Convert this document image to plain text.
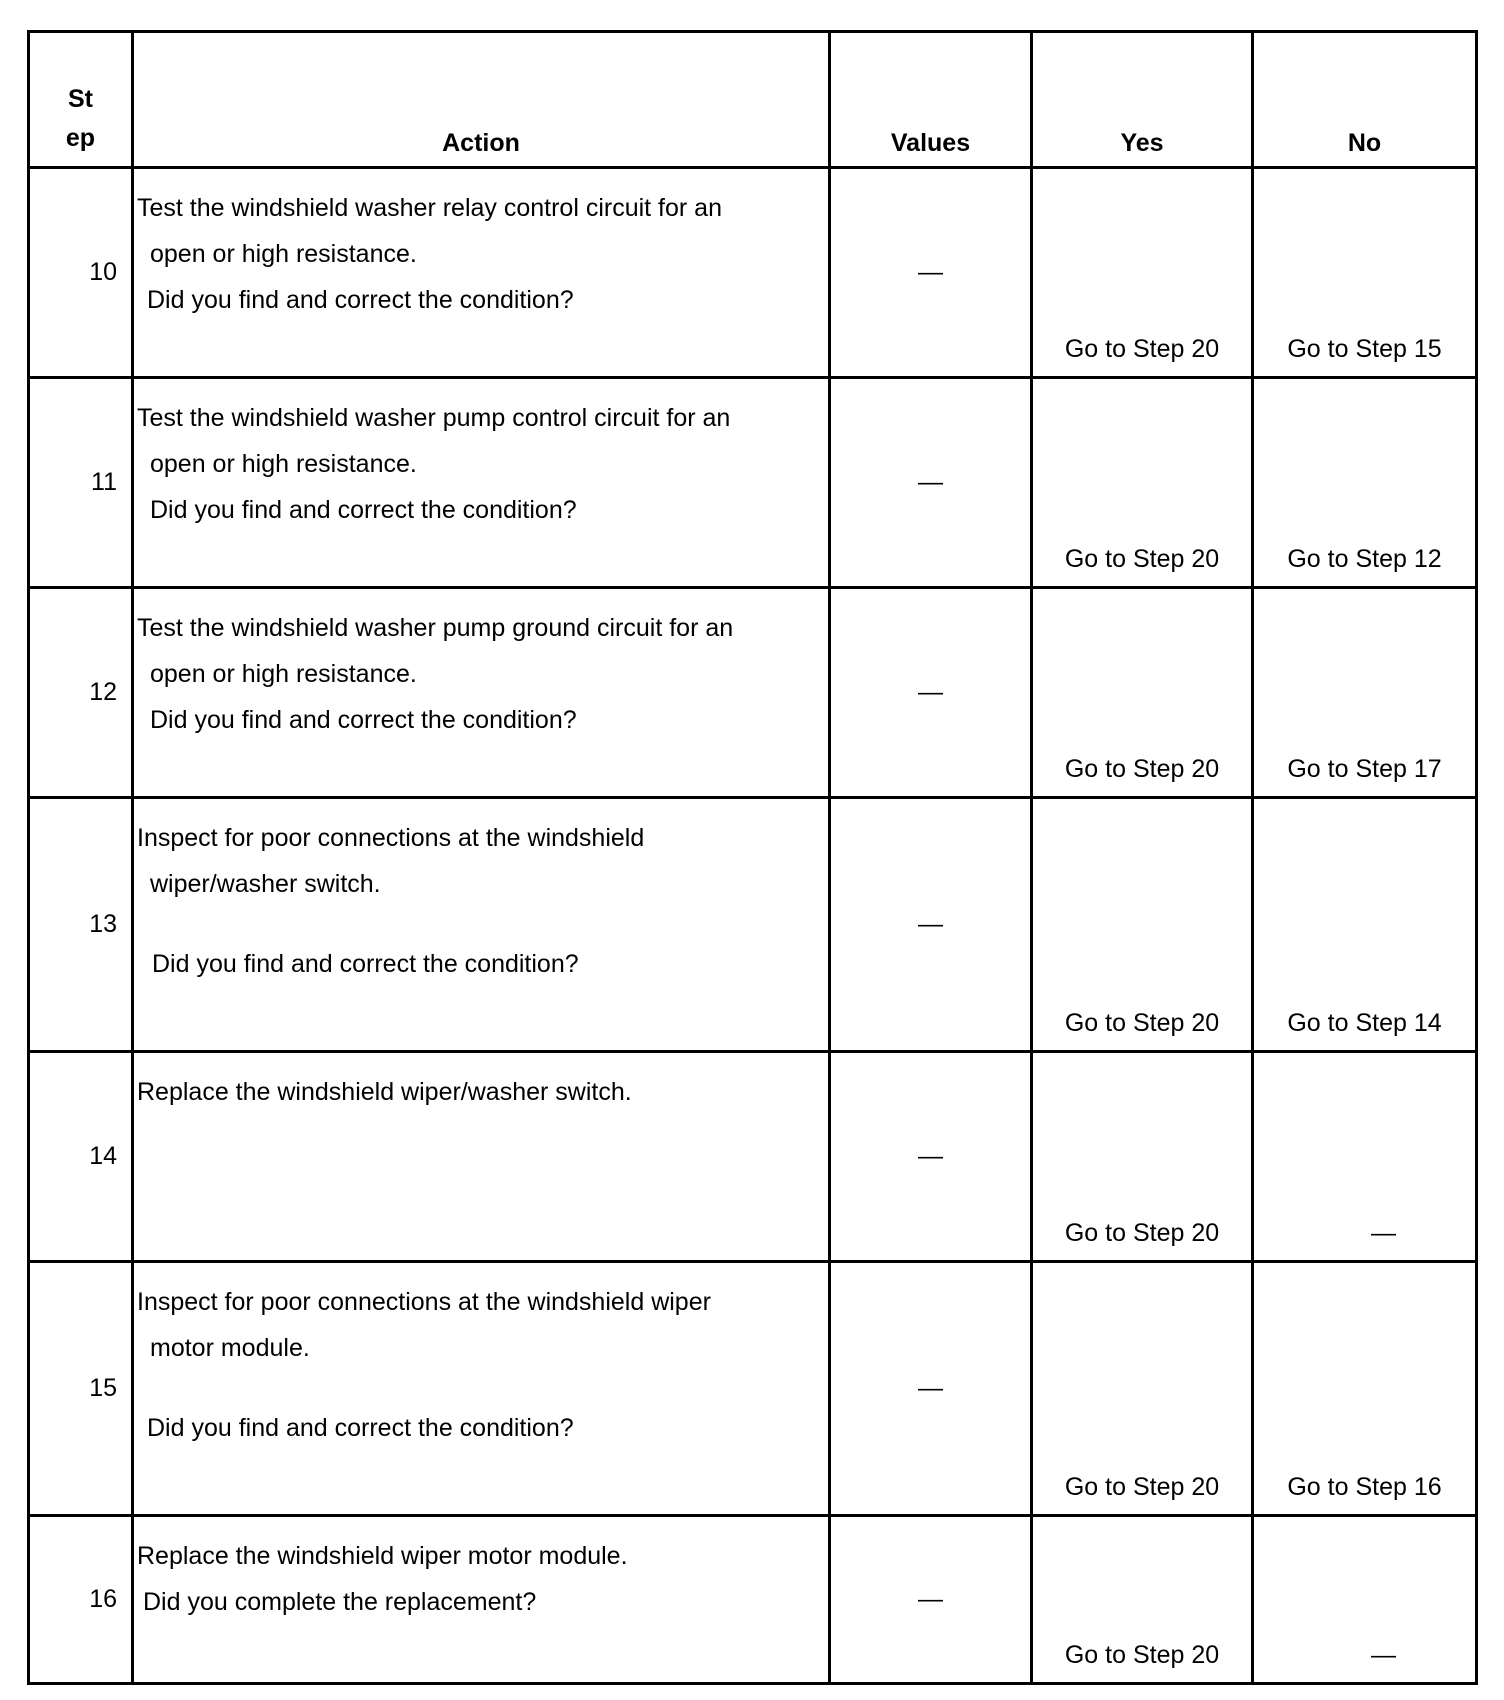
St
ep	Action	Values	Yes	No
10	Test the windshield washer relay control circuit for an
open or high resistance.
Did you find and correct the condition?	—	Go to Step 20	Go to Step 15
11	Test the windshield washer pump control circuit for an
open or high resistance.
Did you find and correct the condition?	—	Go to Step 20	Go to Step 12
12	Test the windshield washer pump ground circuit for an
open or high resistance.
Did you find and correct the condition?	—	Go to Step 20	Go to Step 17
13	Inspect for poor connections at the windshield
wiper/washer switch.
Did you find and correct the condition?	—	Go to Step 20	Go to Step 14
14	Replace the windshield wiper/washer switch.	—	Go to Step 20	—
15	Inspect for poor connections at the windshield wiper
motor module.
Did you find and correct the condition?	—	Go to Step 20	Go to Step 16
16	Replace the windshield wiper motor module.
Did you complete the replacement?	—	Go to Step 20	—
